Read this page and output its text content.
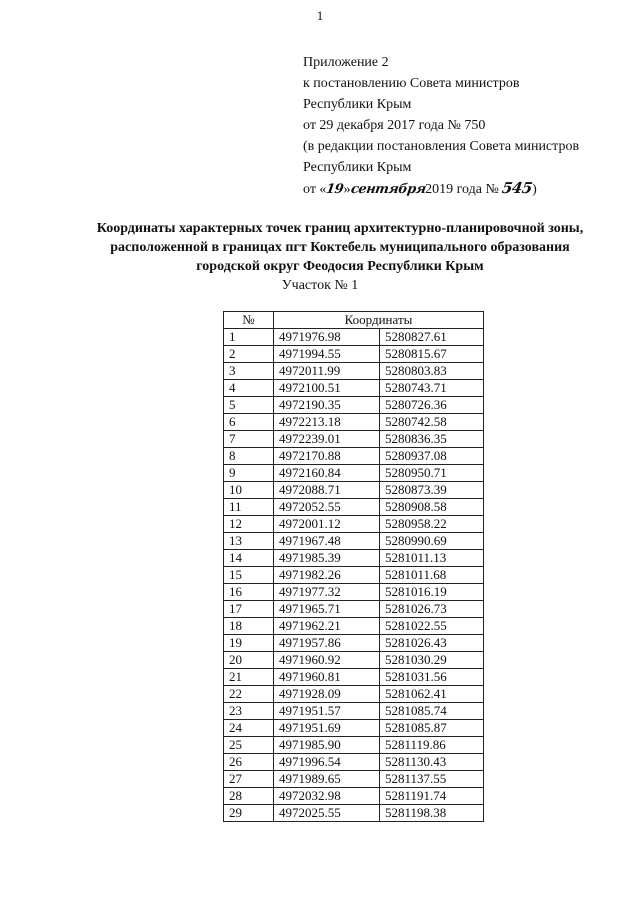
1
Приложение 2
к постановлению Совета министров
Республики Крым
от 29 декабря 2017 года № 750
(в редакции постановления Совета министров
Республики Крым
от «19»сентября2019 года № 545)
Координаты характерных точек границ архитектурно-планировочной зоны, расположенной в границах пгт Коктебель муниципального образования городской округ Феодосия Республики Крым
Участок № 1
№	Координаты	
1	4971976.98	5280827.61
2	4971994.55	5280815.67
3	4972011.99	5280803.83
4	4972100.51	5280743.71
5	4972190.35	5280726.36
6	4972213.18	5280742.58
7	4972239.01	5280836.35
8	4972170.88	5280937.08
9	4972160.84	5280950.71
10	4972088.71	5280873.39
11	4972052.55	5280908.58
12	4972001.12	5280958.22
13	4971967.48	5280990.69
14	4971985.39	5281011.13
15	4971982.26	5281011.68
16	4971977.32	5281016.19
17	4971965.71	5281026.73
18	4971962.21	5281022.55
19	4971957.86	5281026.43
20	4971960.92	5281030.29
21	4971960.81	5281031.56
22	4971928.09	5281062.41
23	4971951.57	5281085.74
24	4971951.69	5281085.87
25	4971985.90	5281119.86
26	4971996.54	5281130.43
27	4971989.65	5281137.55
28	4972032.98	5281191.74
29	4972025.55	5281198.38
